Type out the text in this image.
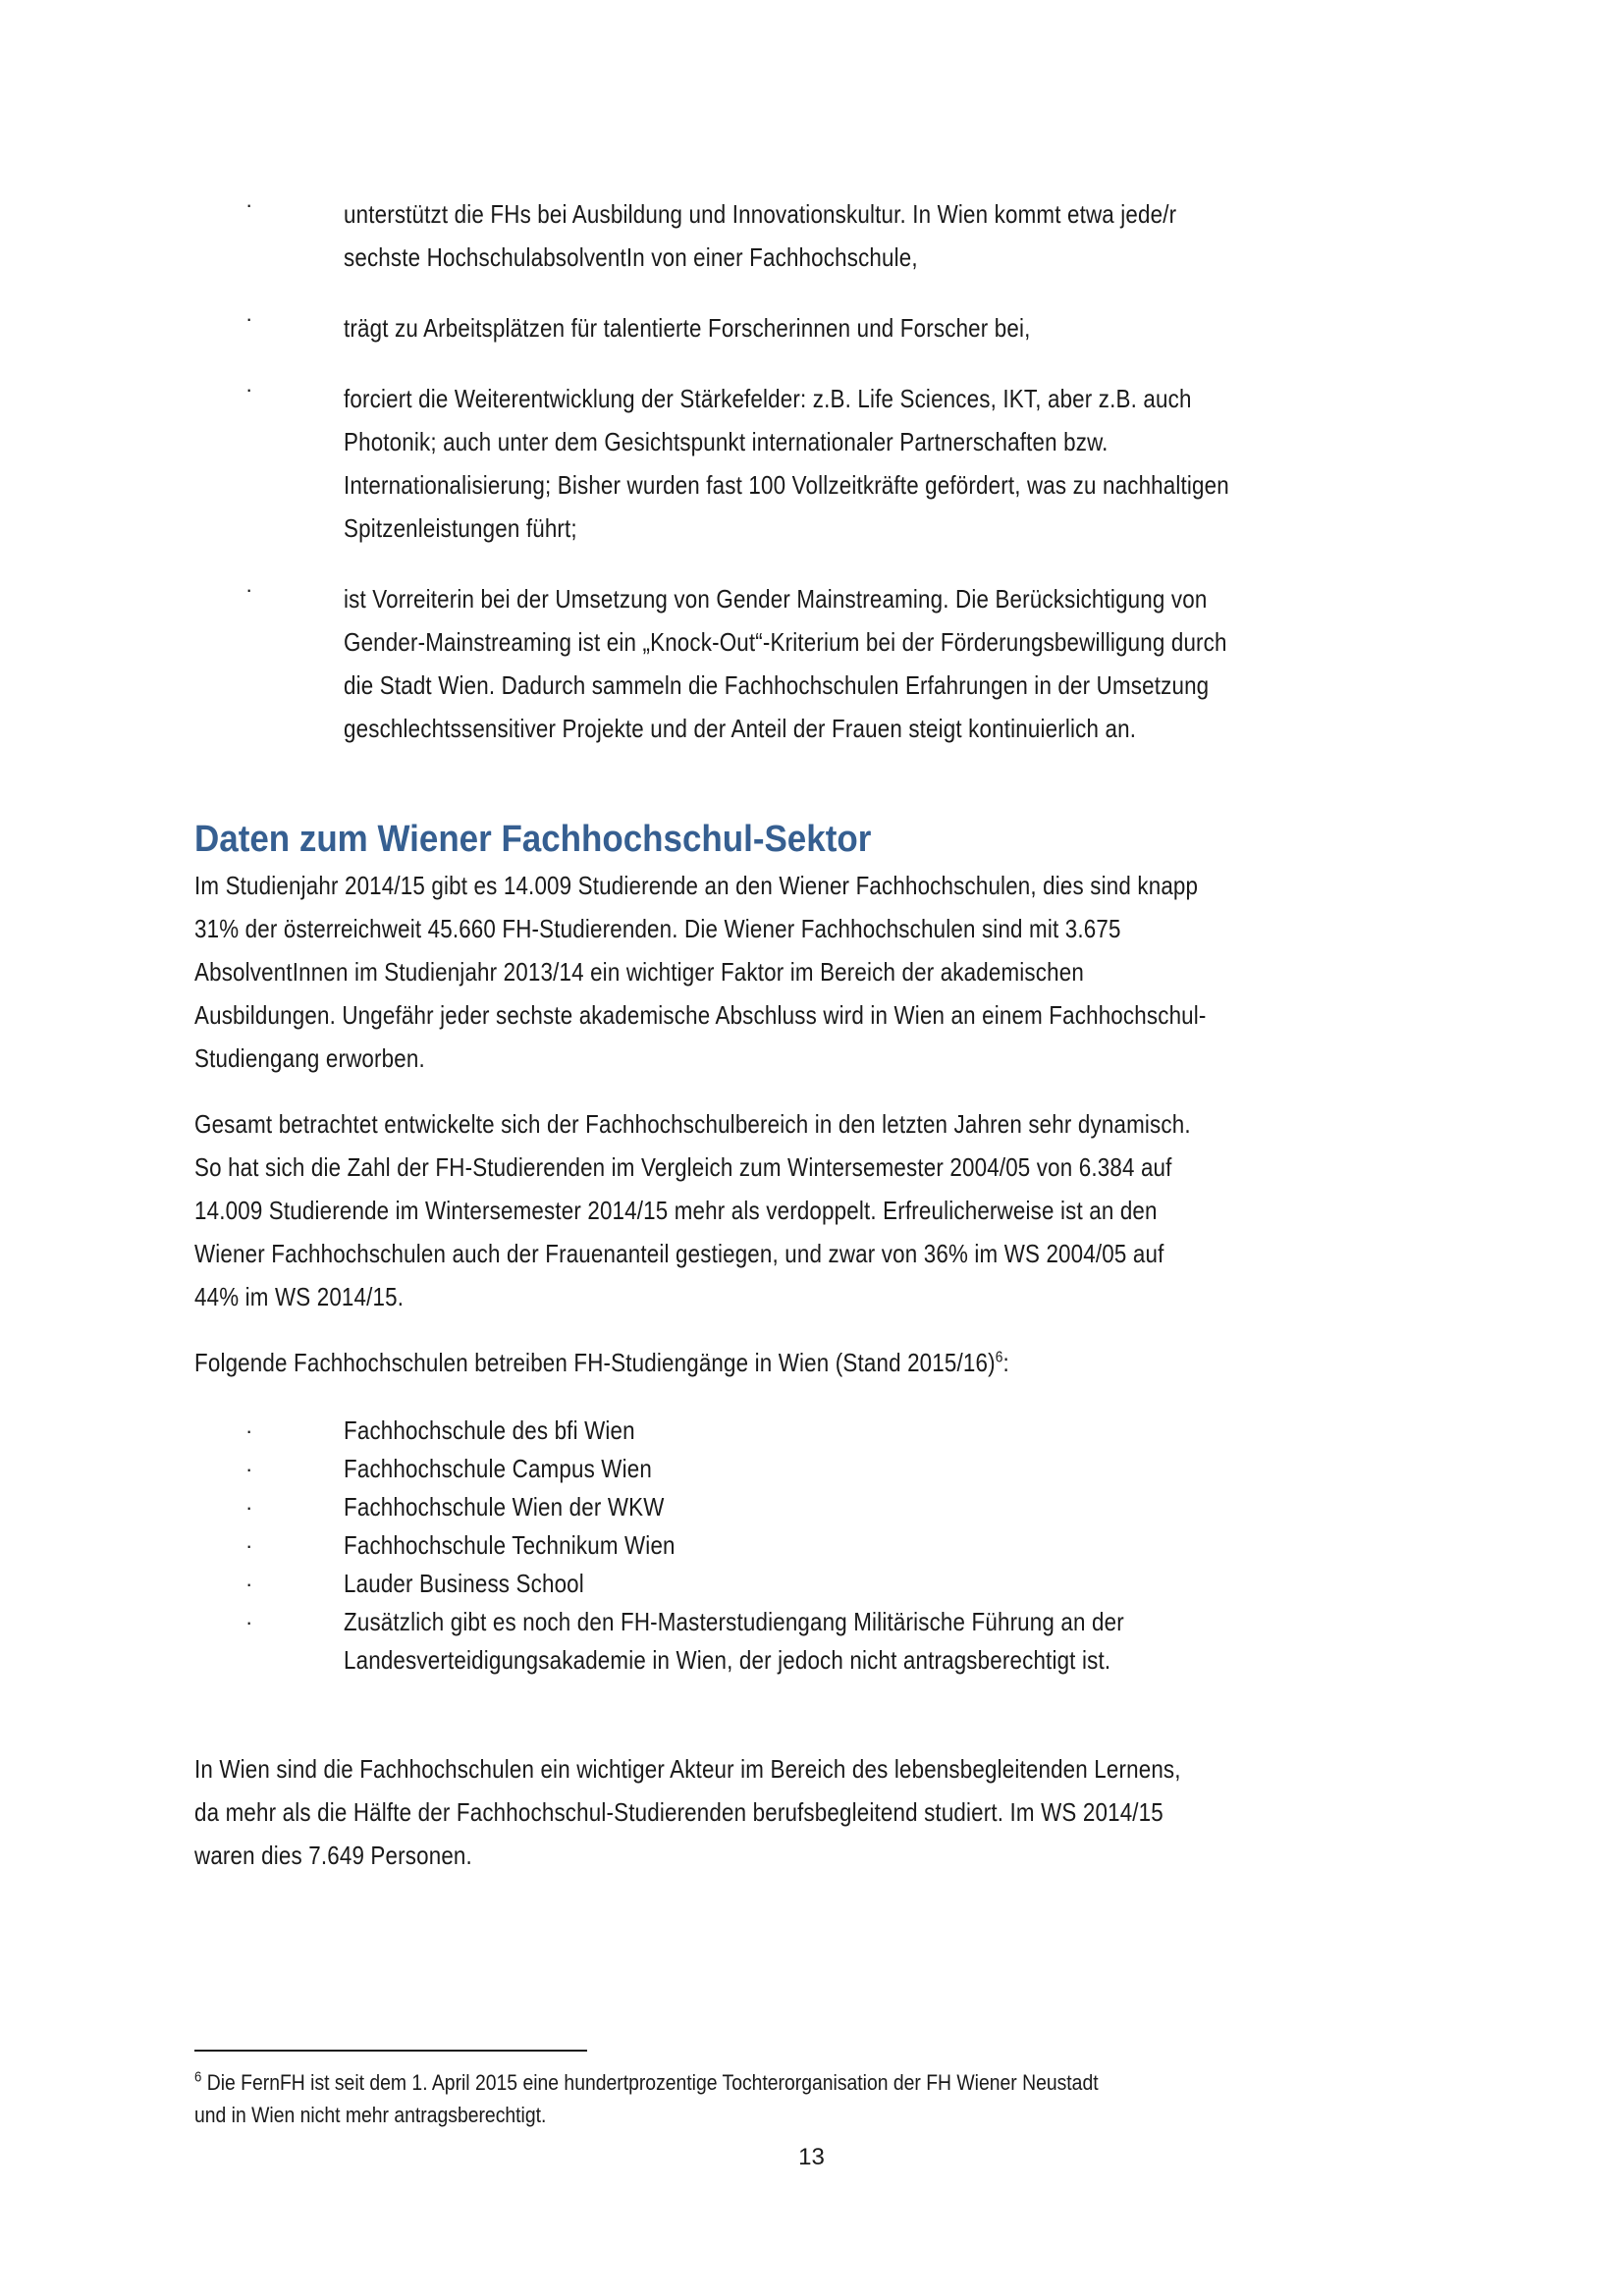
·	unterstützt die FHs bei Ausbildung und Innovationskultur. In Wien kommt etwa jede/r
sechste HochschulabsolventIn von einer Fachhochschule,
·	trägt zu Arbeitsplätzen für talentierte Forscherinnen und Forscher bei,
·	forciert die Weiterentwicklung der Stärkefelder: z.B. Life Sciences, IKT, aber z.B. auch
Photonik; auch unter dem Gesichtspunkt internationaler Partnerschaften bzw.
Internationalisierung; Bisher wurden fast 100 Vollzeitkräfte gefördert, was zu nachhaltigen
Spitzenleistungen führt;
·	ist Vorreiterin bei der Umsetzung von Gender Mainstreaming. Die Berücksichtigung von
Gender-Mainstreaming ist ein „Knock-Out“-Kriterium bei der Förderungsbewilligung durch
die Stadt Wien. Dadurch sammeln die Fachhochschulen Erfahrungen in der Umsetzung
geschlechtssensitiver Projekte und der Anteil der Frauen steigt kontinuierlich an.
Daten zum Wiener Fachhochschul-Sektor
Im Studienjahr 2014/15 gibt es 14.009 Studierende an den Wiener Fachhochschulen, dies sind knapp
31% der österreichweit 45.660 FH-Studierenden. Die Wiener Fachhochschulen sind mit 3.675
AbsolventInnen im Studienjahr 2013/14 ein wichtiger Faktor im Bereich der akademischen
Ausbildungen. Ungefähr jeder sechste akademische Abschluss wird in Wien an einem Fachhochschul-
Studiengang erworben.
Gesamt betrachtet entwickelte sich der Fachhochschulbereich in den letzten Jahren sehr dynamisch.
So hat sich die Zahl der FH-Studierenden im Vergleich zum Wintersemester 2004/05 von 6.384 auf
14.009 Studierende im Wintersemester 2014/15 mehr als verdoppelt. Erfreulicherweise ist an den
Wiener Fachhochschulen auch der Frauenanteil gestiegen, und zwar von 36% im WS 2004/05 auf
44% im WS 2014/15.
Folgende Fachhochschulen betreiben FH-Studiengänge in Wien (Stand 2015/16)$^6$:
·	Fachhochschule des bfi Wien
·	Fachhochschule Campus Wien
·	Fachhochschule Wien der WKW
·	Fachhochschule Technikum Wien
·	Lauder Business School
·	Zusätzlich gibt es noch den FH-Masterstudiengang Militärische Führung an der
Landesverteidigungsakademie in Wien, der jedoch nicht antragsberechtigt ist.
In Wien sind die Fachhochschulen ein wichtiger Akteur im Bereich des lebensbegleitenden Lernens,
da mehr als die Hälfte der Fachhochschul-Studierenden berufsbegleitend studiert. Im WS 2014/15
waren dies 7.649 Personen.
$^6$ Die FernFH ist seit dem 1. April 2015 eine hundertprozentige Tochterorganisation der FH Wiener Neustadt
und in Wien nicht mehr antragsberechtigt.
13
